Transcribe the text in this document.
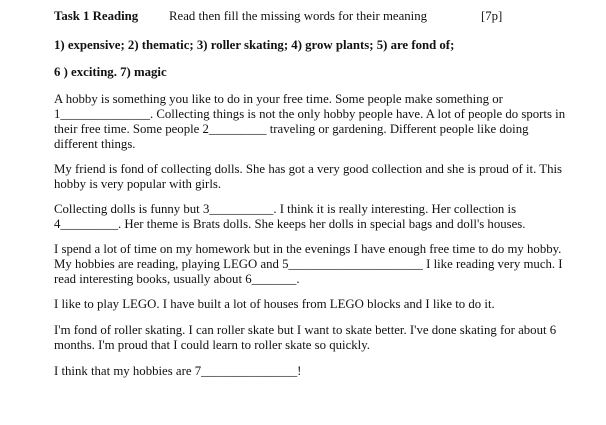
Task 1 Reading Read then fill the missing words for their meaning	[7p]
1) expensive; 2) thematic; 3) roller skating; 4) grow plants; 5) are fond of;
6 ) exciting. 7) magic

A hobby is something you like to do in your free time. Some people make something or 1______________. Collecting things is not the only hobby people have. A lot of people do sports in their free time. Some people 2_________ traveling or gardening. Different people like doing different things.

My friend is fond of collecting dolls. She has got a very good collection and she is proud of it. This hobby is very popular with girls.

Collecting dolls is funny but 3__________. I think it is really interesting. Her collection is 4_________. Her theme is Brats dolls. She keeps her dolls in special bags and doll's houses.

I spend a lot of time on my homework but in the evenings I have enough free time to do my hobby. My hobbies are reading, playing LEGO and 5_____________________ I like reading very much. I read interesting books, usually about 6_______.

I like to play LEGO. I have built a lot of houses from LEGO blocks and I like to do it.

I'm fond of roller skating. I can roller skate but I want to skate better. I've done skating for about 6 months. I'm proud that I could learn to roller skate so quickly.

I think that my hobbies are 7_______________!
